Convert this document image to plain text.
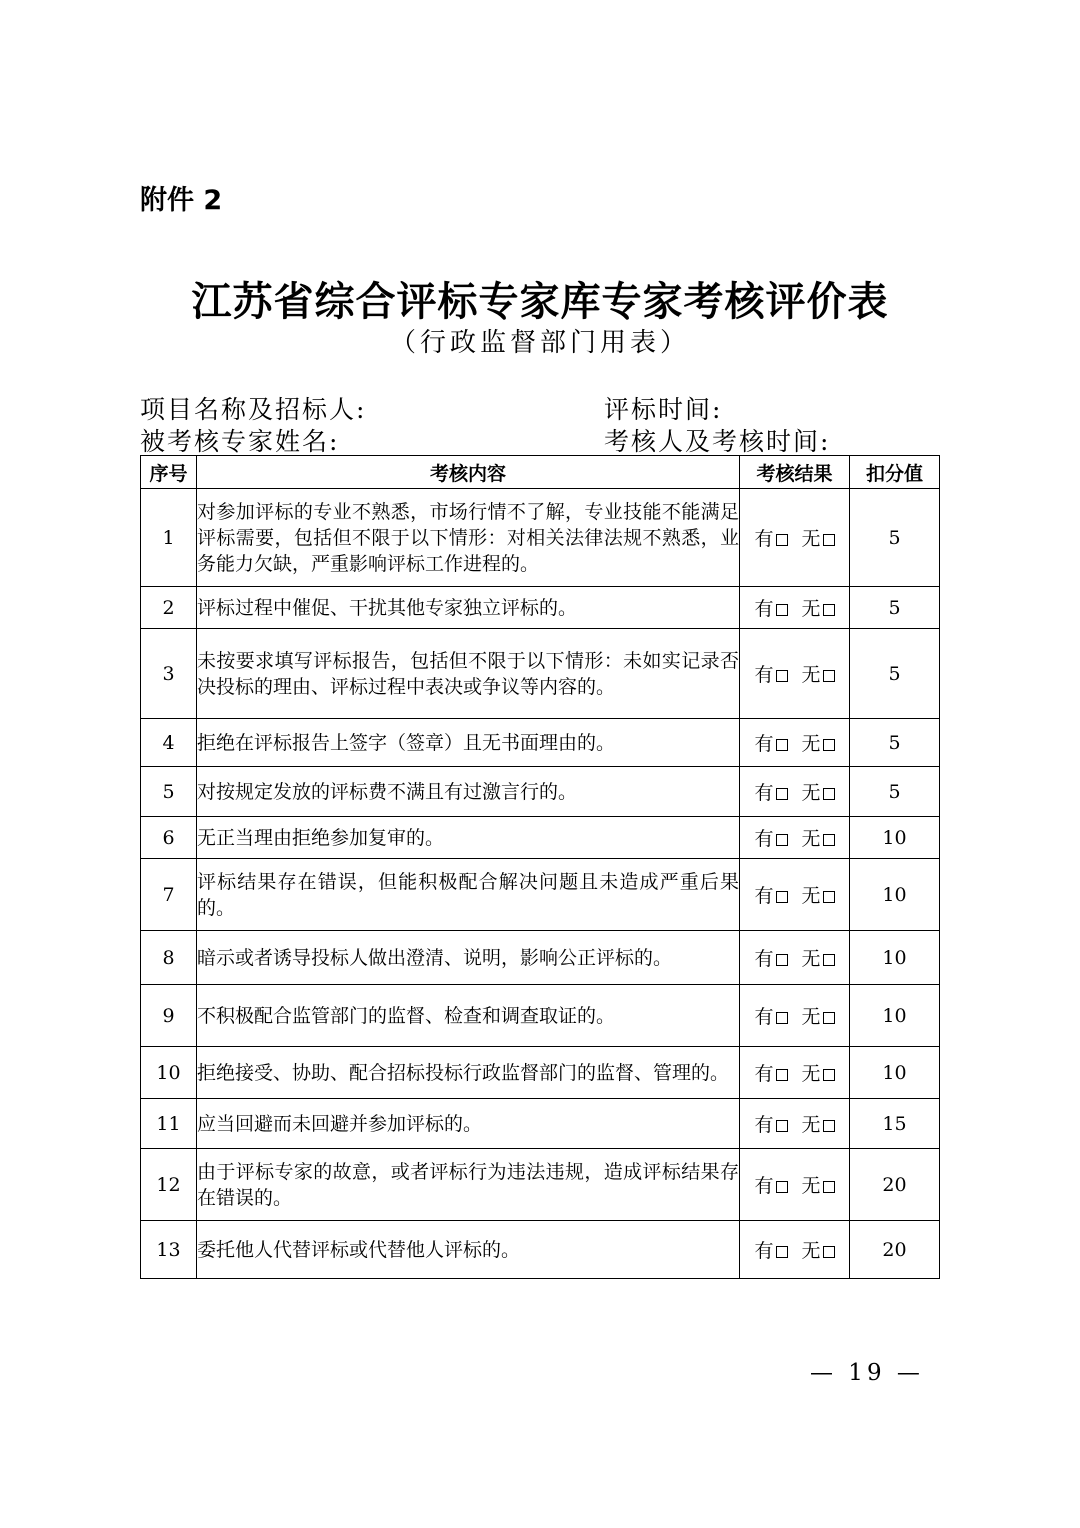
附件 2
江苏省综合评标专家库专家考核评价表
（行政监督部门用表）
项目名称及招标人:	评标时间:
被考核专家姓名:	考核人及考核时间:
序号	考核内容	考核结果	扣分值
1	对参加评标的专业不熟悉，市场行情不了解，专业技能不能满足评标需要，包括但不限于以下情形：对相关法律法规不熟悉，业务能力欠缺，严重影响评标工作进程的。	有 无	5
2	评标过程中催促、干扰其他专家独立评标的。	有 无	5
3	未按要求填写评标报告，包括但不限于以下情形：未如实记录否决投标的理由、评标过程中表决或争议等内容的。	有 无	5
4	拒绝在评标报告上签字（签章）且无书面理由的。	有 无	5
5	对按规定发放的评标费不满且有过激言行的。	有 无	5
6	无正当理由拒绝参加复审的。	有 无	10
7	评标结果存在错误，但能积极配合解决问题且未造成严重后果的。	有 无	10
8	暗示或者诱导投标人做出澄清、说明，影响公正评标的。	有 无	10
9	不积极配合监管部门的监督、检查和调查取证的。	有 无	10
10	拒绝接受、协助、配合招标投标行政监督部门的监督、管理的。	有 无	10
11	应当回避而未回避并参加评标的。	有 无	15
12	由于评标专家的故意，或者评标行为违法违规，造成评标结果存在错误的。	有 无	20
13	委托他人代替评标或代替他人评标的。	有 无	20
— 19 —
